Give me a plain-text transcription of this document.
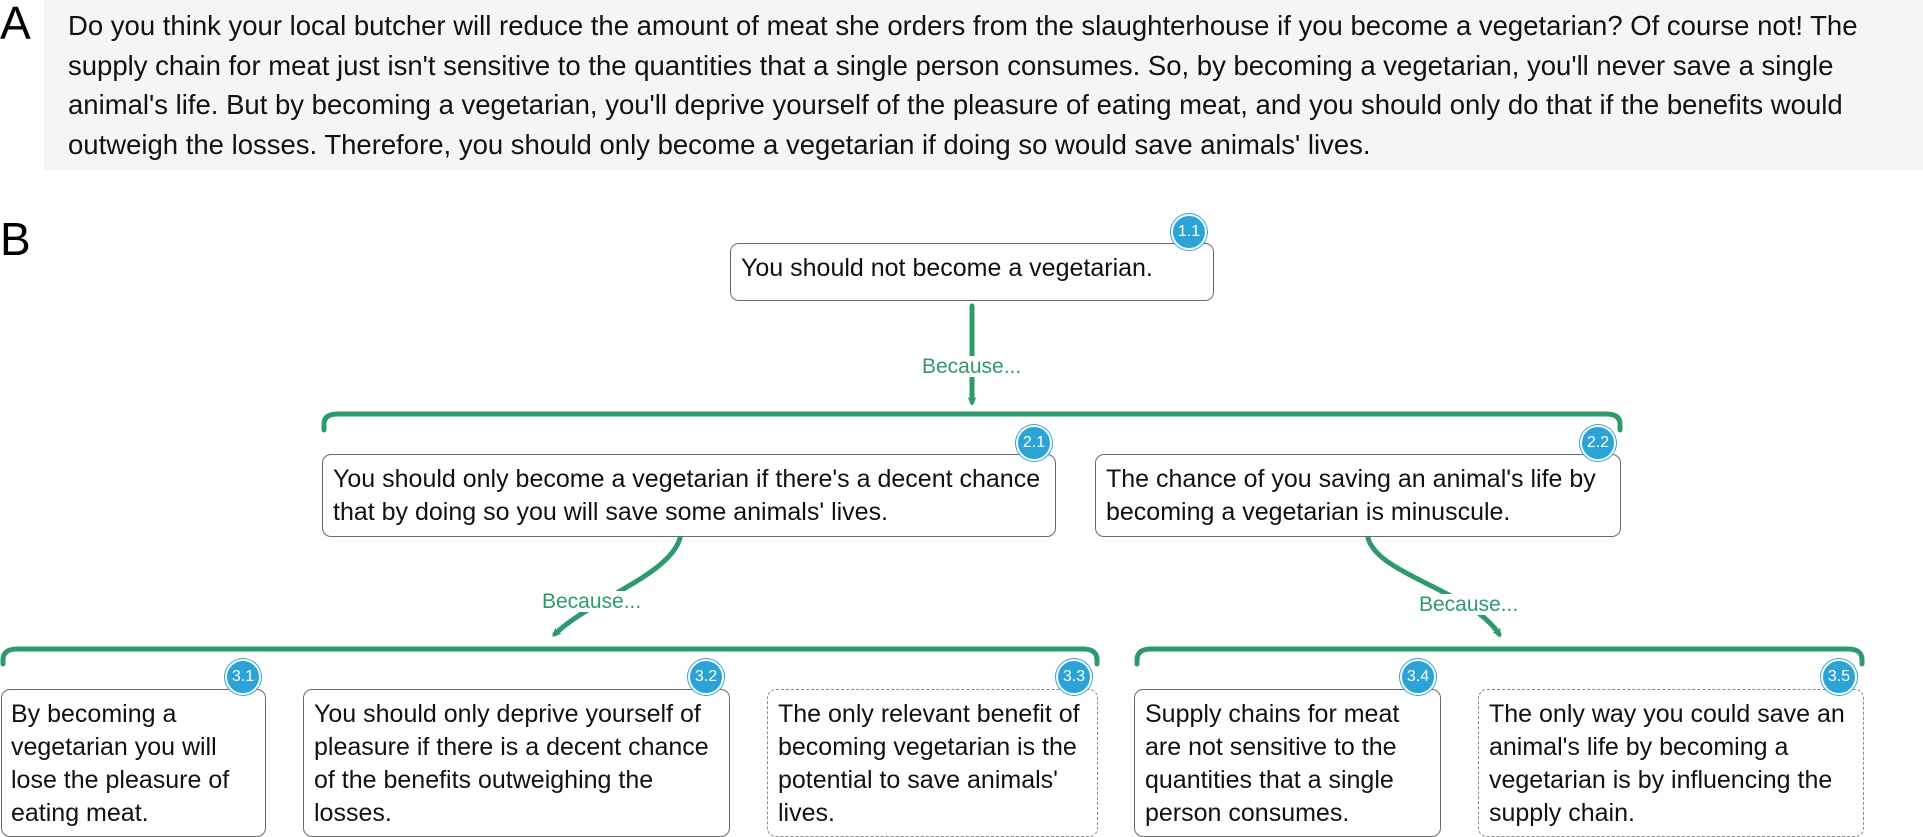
A	Do you think your local butcher will reduce the amount of meat she orders from the slaughterhouse if you become a vegetarian? Of course not! The supply chain for meat just isn't sensitive to the quantities that a single person consumes. So, by becoming a vegetarian, you'll never save a single animal's life. But by becoming a vegetarian, you'll deprive yourself of the pleasure of eating meat, and you should only do that if the benefits would outweigh the losses. Therefore, you should only become a vegetarian if doing so would save animals' lives.
B
Because...
Because...	Because...
You should not become a vegetarian.
1.1
You should only become a vegetarian if there's a decent chance that by doing so you will save some animals' lives.
2.1
The chance of you saving an animal's life by becoming a vegetarian is minuscule.
2.2
By becoming a vegetarian you will lose the pleasure of eating meat.
3.1
You should only deprive yourself of pleasure if there is a decent chance of the benefits outweighing the losses.
3.2
The only relevant benefit of becoming vegetarian is the potential to save animals' lives.
3.3
Supply chains for meat are not sensitive to the quantities that a single person consumes.
3.4
The only way you could save an animal's life by becoming a vegetarian is by influencing the supply chain.
3.5
